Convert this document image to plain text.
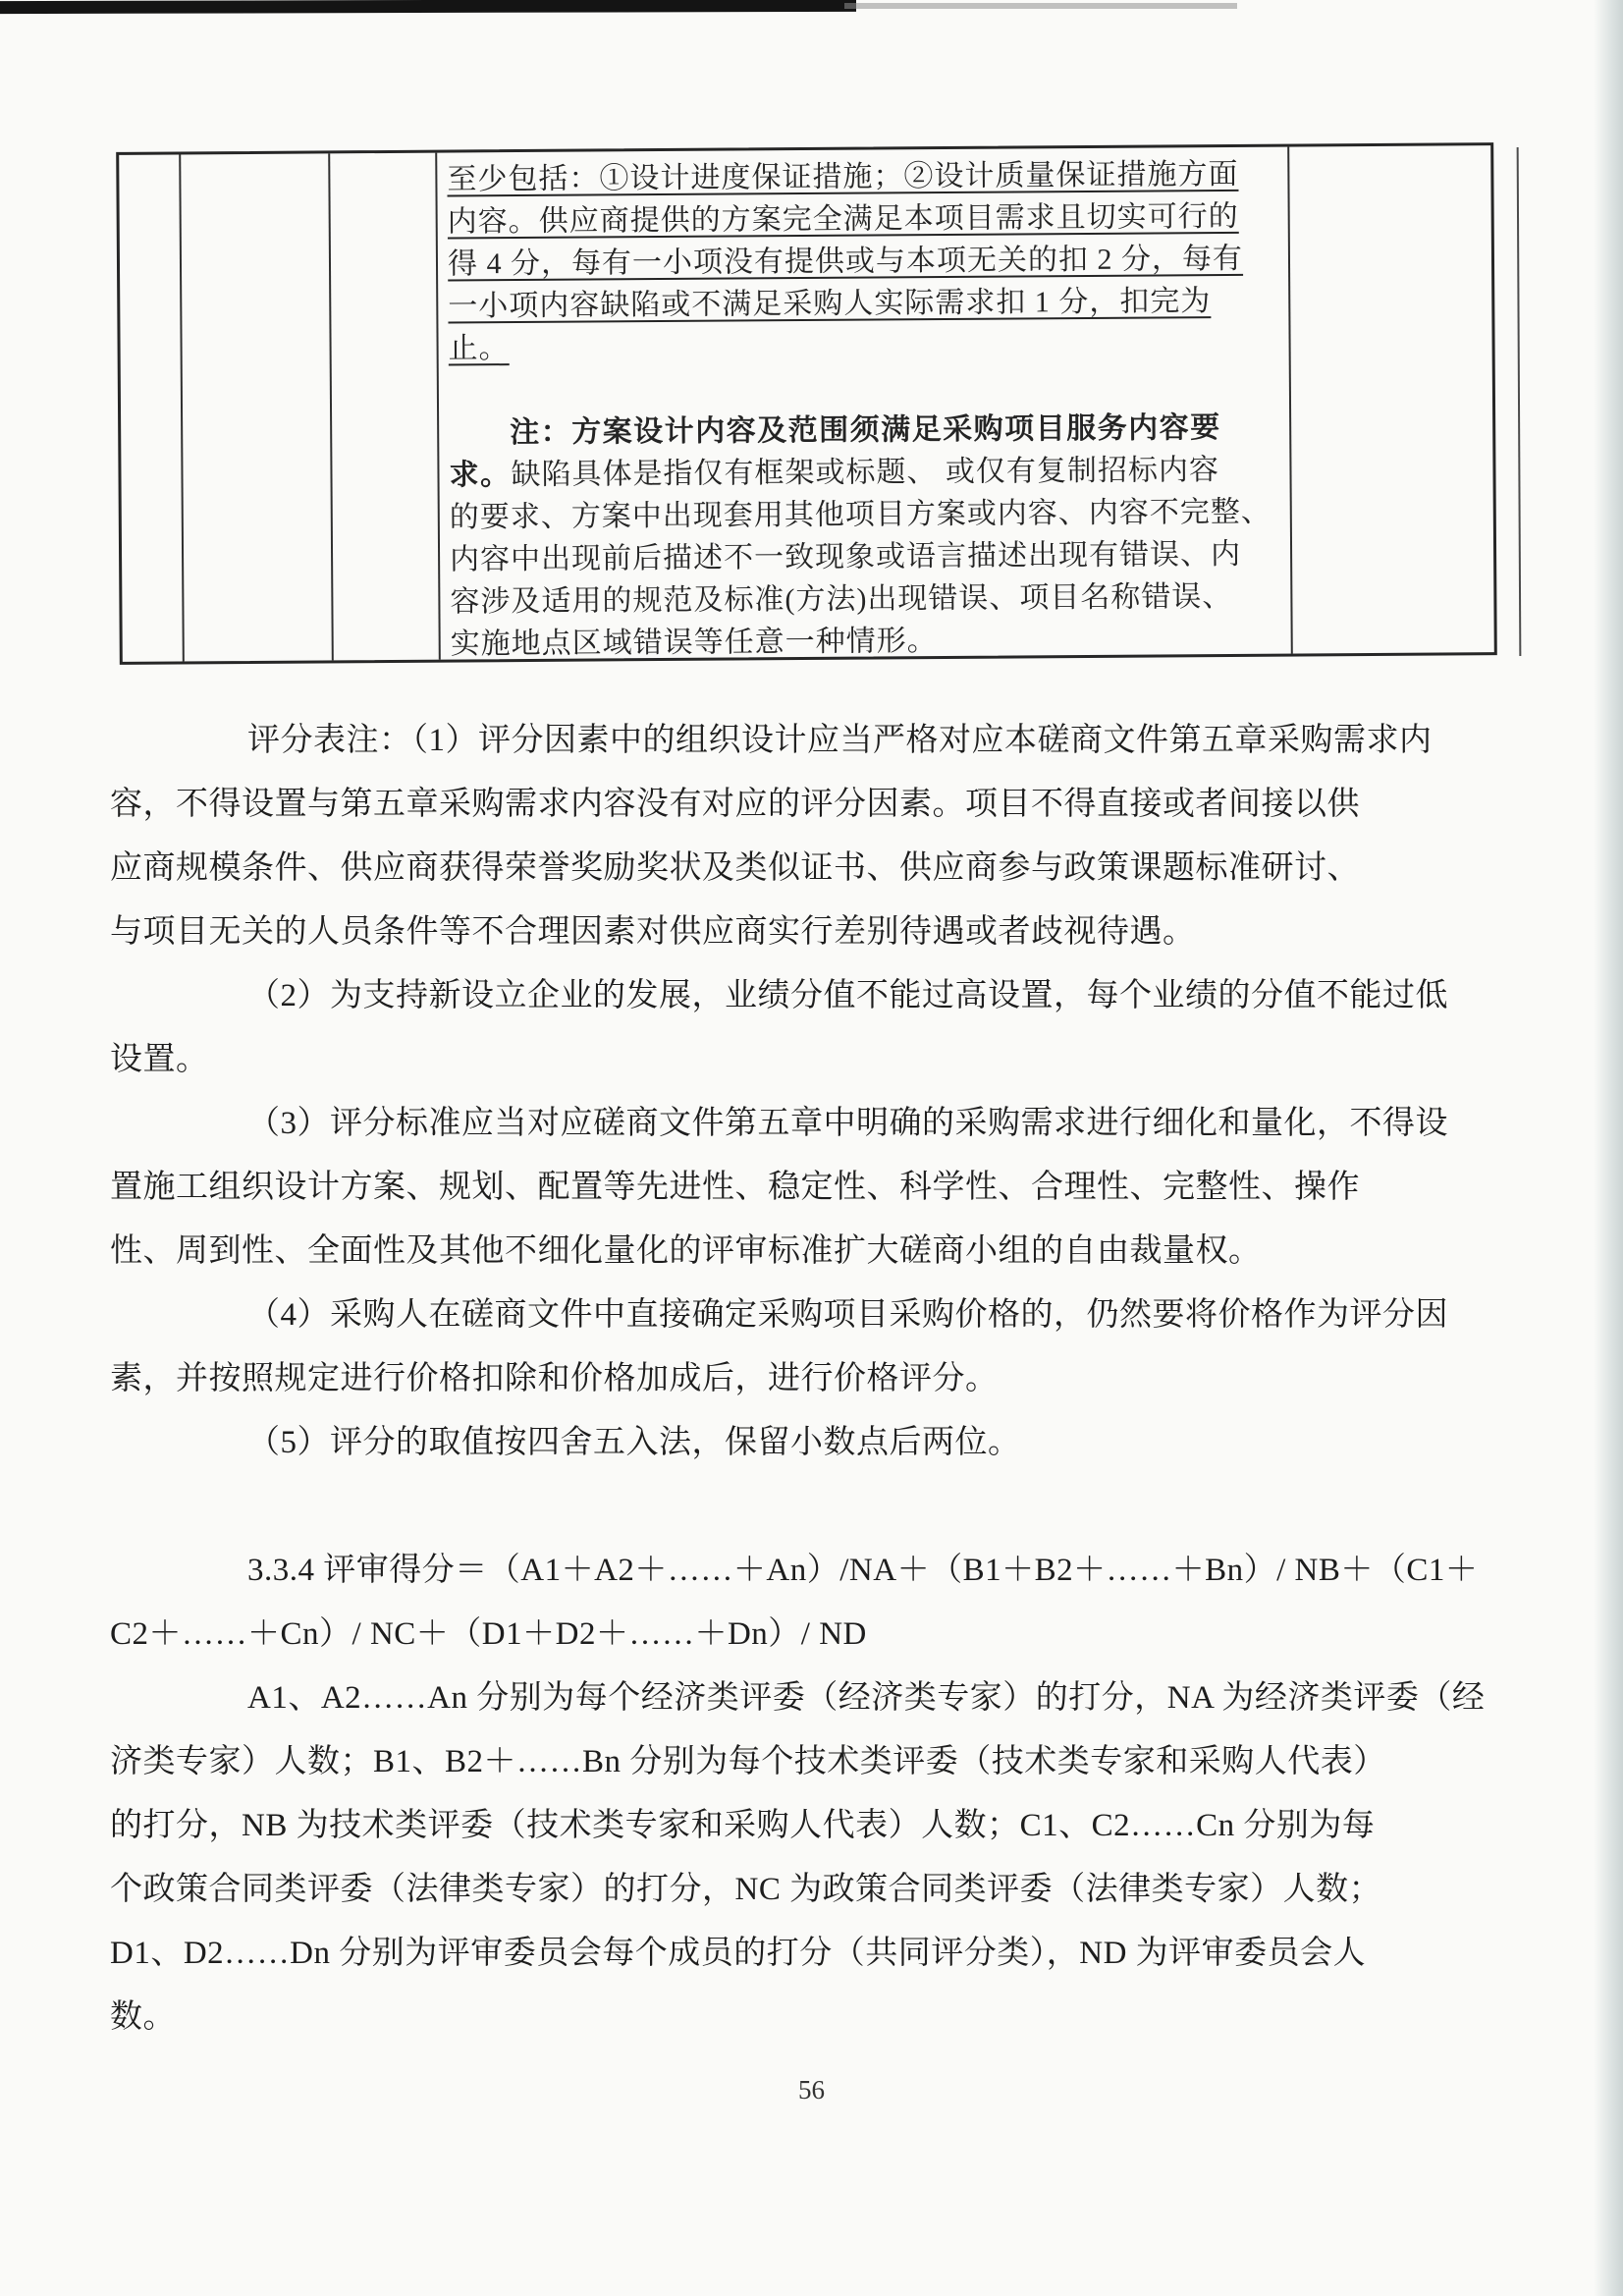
至少包括：①设计进度保证措施；②设计质量保证措施方面
内容。供应商提供的方案完全满足本项目需求且切实可行的
得 4 分，每有一小项没有提供或与本项无关的扣 2 分，每有
一小项内容缺陷或不满足采购人实际需求扣 1 分，扣完为
止。
注：方案设计内容及范围须满足采购项目服务内容要
求。缺陷具体是指仅有框架或标题、 或仅有复制招标内容
的要求、方案中出现套用其他项目方案或内容、内容不完整、
内容中出现前后描述不一致现象或语言描述出现有错误、内
容涉及适用的规范及标准(方法)出现错误、项目名称错误、
实施地点区域错误等任意一种情形。
评分表注：（1）评分因素中的组织设计应当严格对应本磋商文件第五章采购需求内
容，不得设置与第五章采购需求内容没有对应的评分因素。项目不得直接或者间接以供
应商规模条件、供应商获得荣誉奖励奖状及类似证书、供应商参与政策课题标准研讨、
与项目无关的人员条件等不合理因素对供应商实行差别待遇或者歧视待遇。
（2）为支持新设立企业的发展，业绩分值不能过高设置，每个业绩的分值不能过低
设置。
（3）评分标准应当对应磋商文件第五章中明确的采购需求进行细化和量化，不得设
置施工组织设计方案、规划、配置等先进性、稳定性、科学性、合理性、完整性、操作
性、周到性、全面性及其他不细化量化的评审标准扩大磋商小组的自由裁量权。
（4）采购人在磋商文件中直接确定采购项目采购价格的，仍然要将价格作为评分因
素，并按照规定进行价格扣除和价格加成后，进行价格评分。
（5）评分的取值按四舍五入法，保留小数点后两位。
3.3.4 评审得分＝（A1＋A2＋……＋An）/NA＋（B1＋B2＋……＋Bn）/ NB＋（C1＋
C2＋……＋Cn）/ NC＋（D1＋D2＋……＋Dn）/ ND
A1、A2……An 分别为每个经济类评委（经济类专家）的打分，NA 为经济类评委（经
济类专家）人数；B1、B2＋……Bn 分别为每个技术类评委（技术类专家和采购人代表）
的打分，NB 为技术类评委（技术类专家和采购人代表）人数；C1、C2……Cn 分别为每
个政策合同类评委（法律类专家）的打分，NC 为政策合同类评委（法律类专家）人数；
D1、D2……Dn 分别为评审委员会每个成员的打分（共同评分类），ND 为评审委员会人
数。
56
